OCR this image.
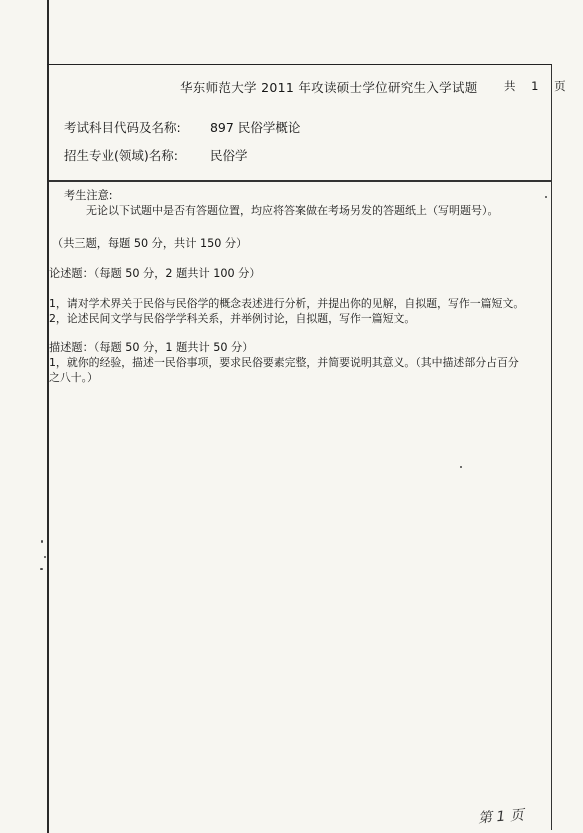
华东师范大学 2011 年攻读硕士学位研究生入学试题 共 1 页
考试科目代码及名称: 897 民俗学概论
招生专业(领域)名称:	民俗学
考生注意:
无论以下试题中是否有答题位置，均应将答案做在考场另发的答题纸上（写明题号）。
（共三题，每题 50 分，共计 150 分）
论述题：（每题 50 分，2 题共计 100 分）
1，请对学术界关于民俗与民俗学的概念表述进行分析，并提出你的见解，自拟题，写作一篇短文。
2，论述民间文学与民俗学学科关系，并举例讨论，自拟题，写作一篇短文。
描述题：（每题 50 分，1 题共计 50 分）
1，就你的经验，描述一民俗事项，要求民俗要素完整，并简要说明其意义。（其中描述部分占百分
之八十。）
第 1 页
